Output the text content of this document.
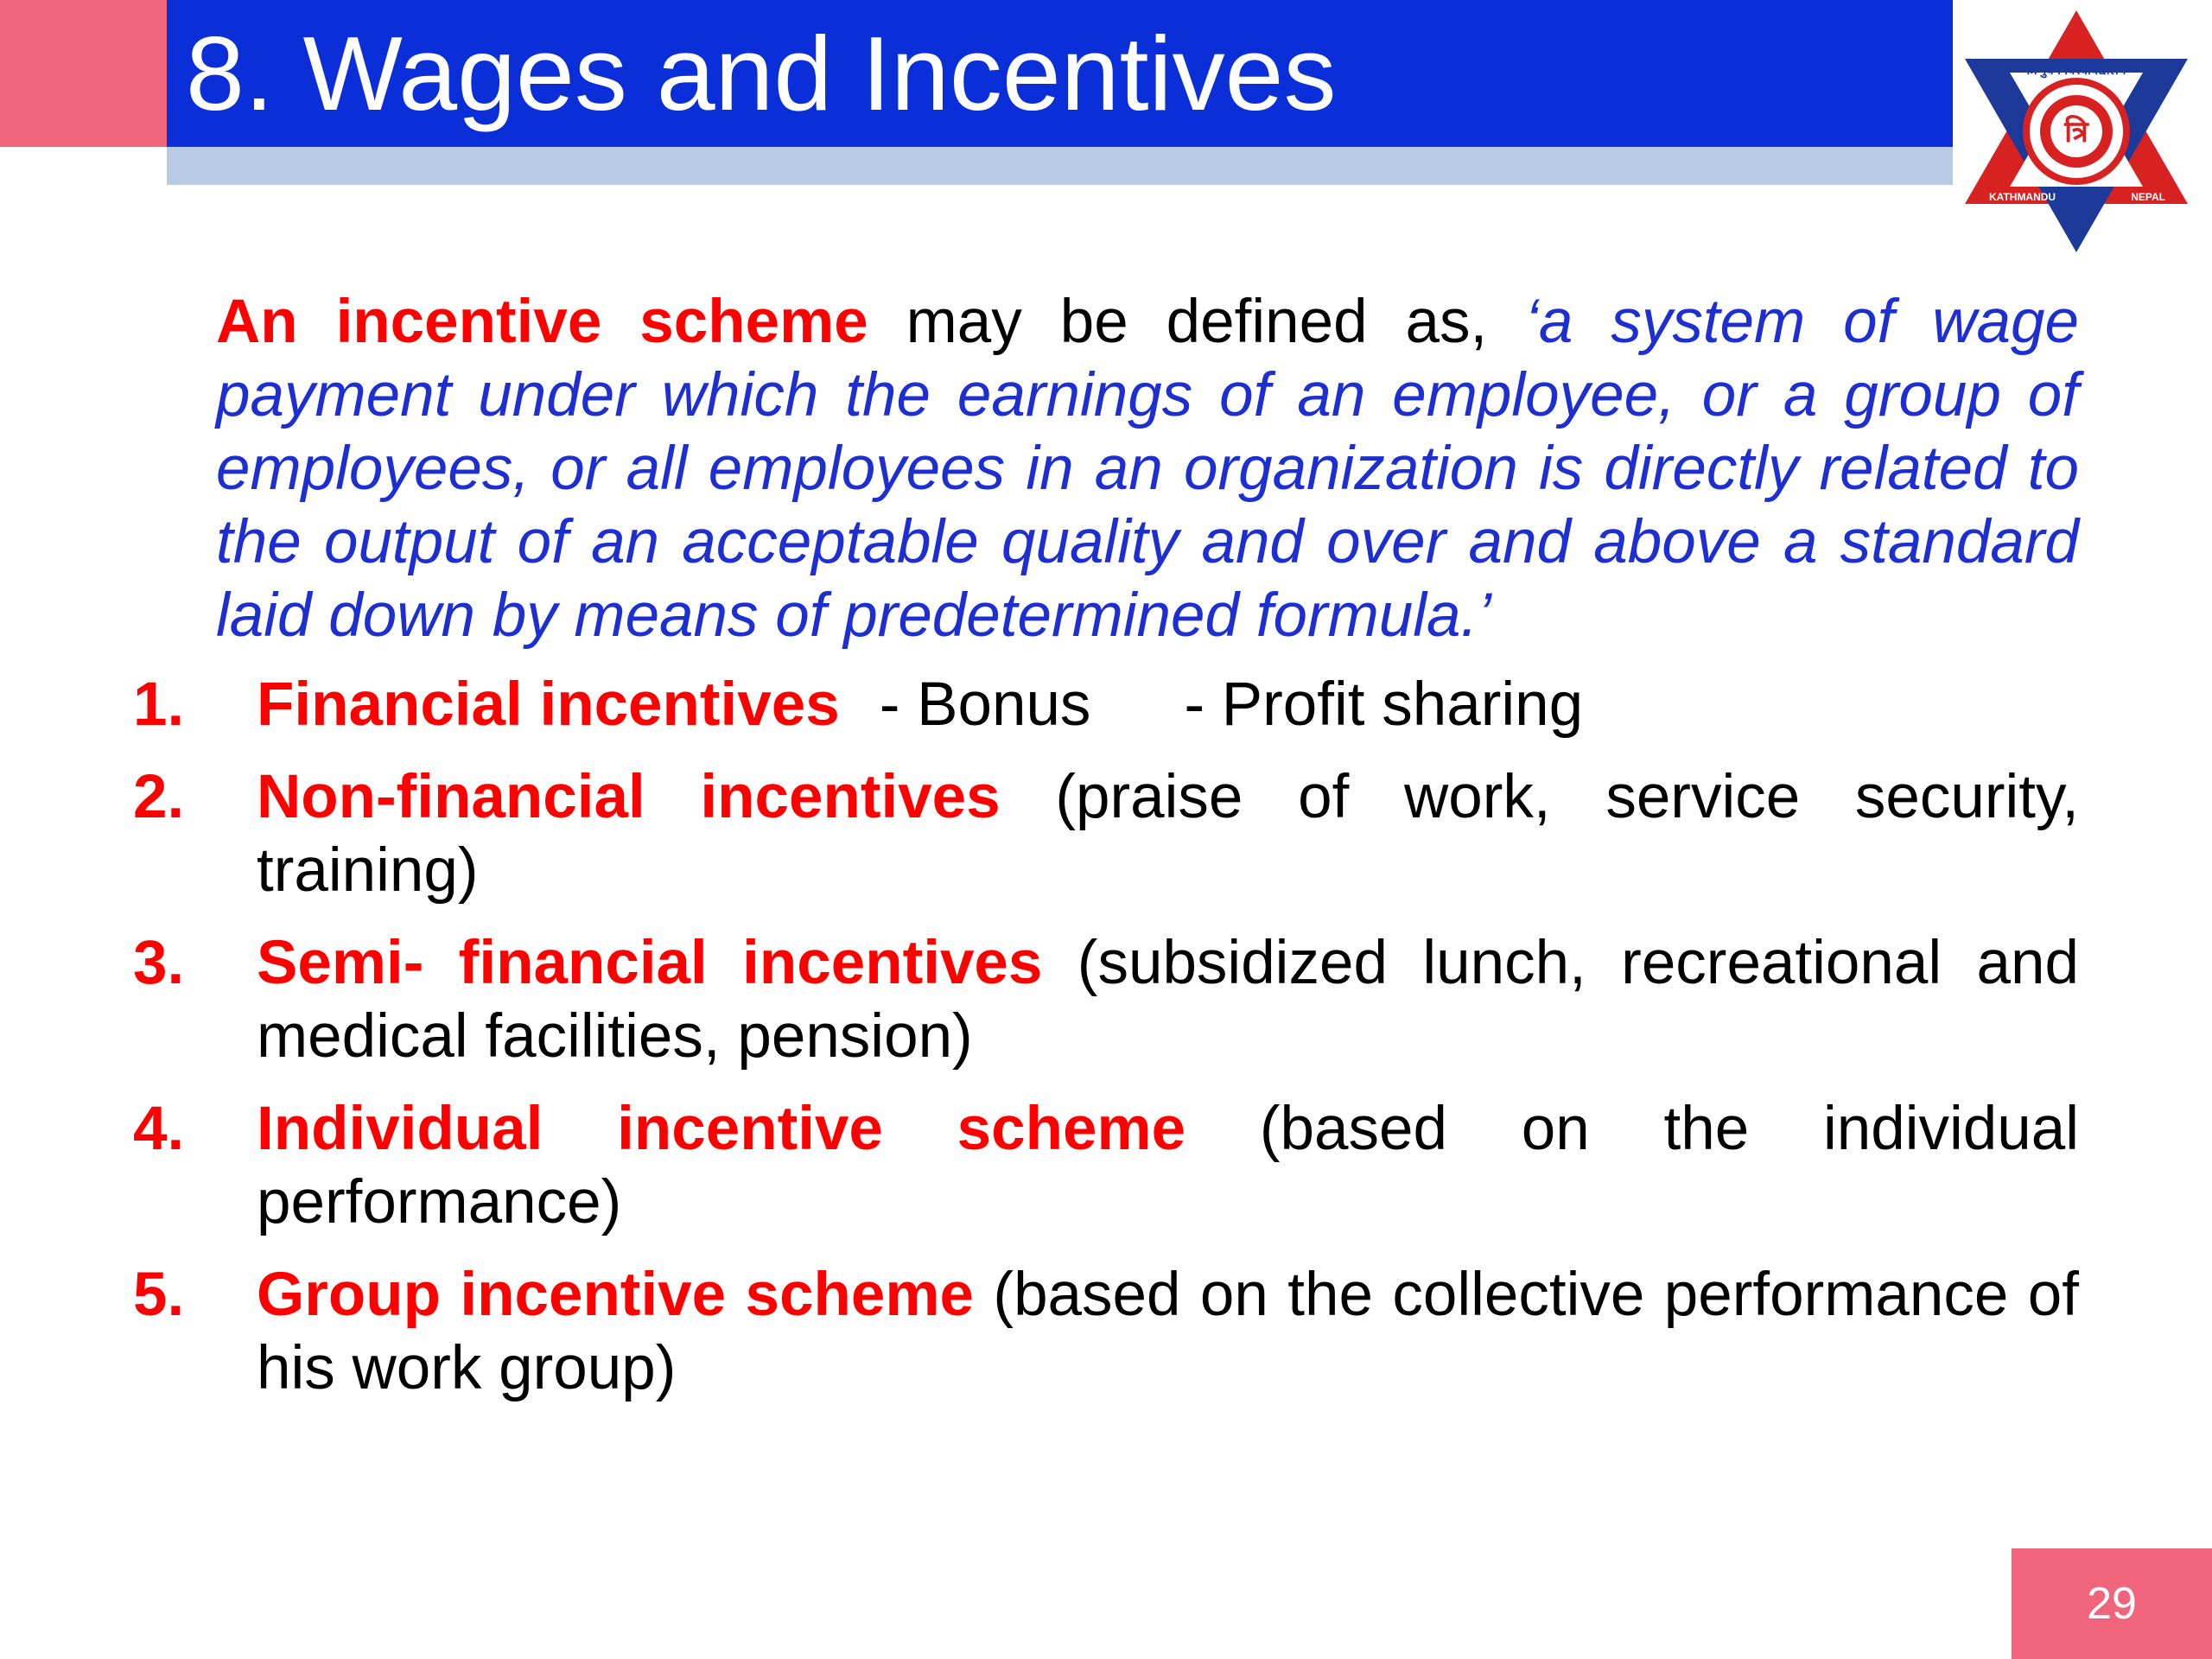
8. Wages and Incentives	त्रि
त्रिभुवन विश्वविद्यालय
KATHMANDU	NEPAL

An incentive scheme may be defined as, ‘a system of wage payment under which the earnings of an employee, or a group of employees, or all employees in an organization is directly related to the output of an acceptable quality and over and above a standard laid down by means of predetermined formula.’

1. Financial incentives - Bonus - Profit sharing
2. Non-financial incentives (praise of work, service security, training)
3. Semi- financial incentives (subsidized lunch, recreational and medical facilities, pension)
4. Individual incentive scheme (based on the individual performance)
5. Group incentive scheme (based on the collective performance of his work group)
29
